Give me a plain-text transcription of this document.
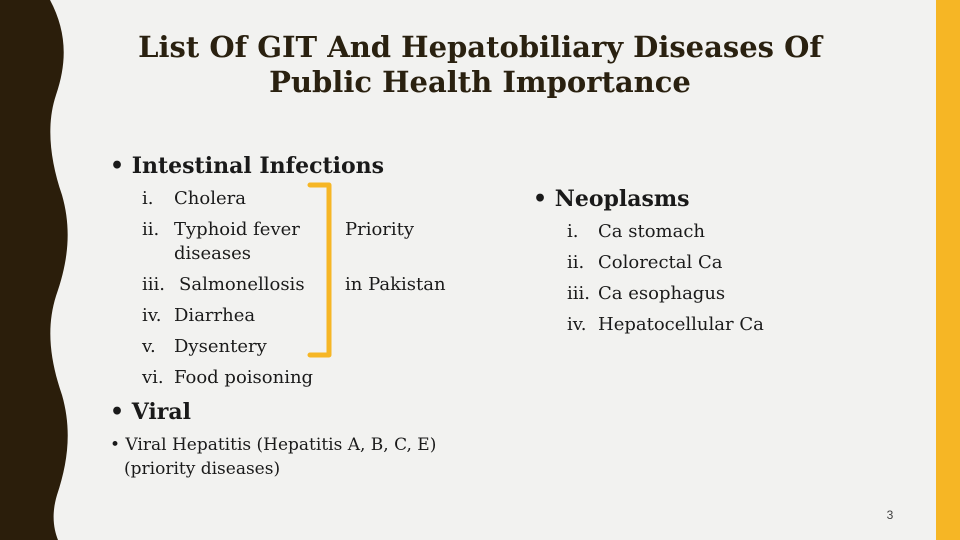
List Of GIT And Hepatobiliary Diseases Of
Public Health Importance
• Intestinal Infections
i. Cholera
ii. Typhoid fever
diseases
iii. Salmonellosis
iv. Diarrhea
v. Dysentery
vi. Food poisoning
Priority
in Pakistan
• Neoplasms
i. Ca stomach
ii. Colorectal Ca
iii. Ca esophagus
iv. Hepatocellular Ca
• Viral
• Viral Hepatitis (Hepatitis A, B, C, E)
(priority diseases)
3
